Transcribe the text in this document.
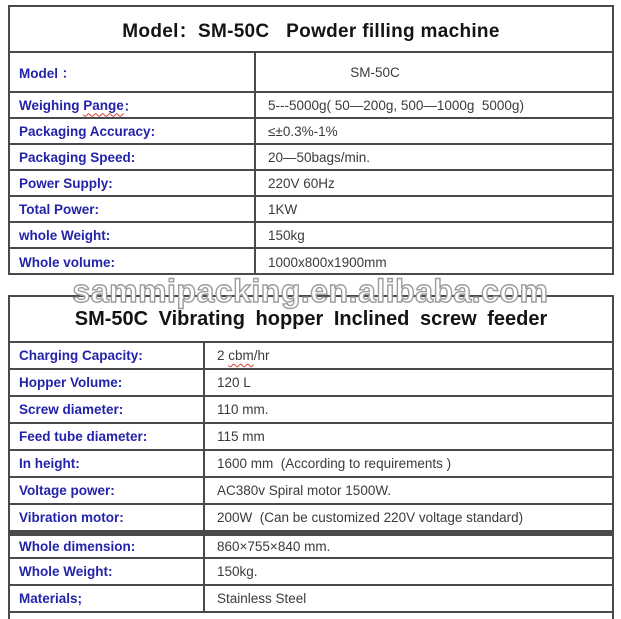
Model：SM-50C   Powder filling machine
Model ：	SM-50C
Weighing Pange ：	5---5000g( 50—200g, 500—1000g  5000g)
Packaging Accuracy:	≤±0.3%-1%
Packaging Speed:	20—50bags/min.
Power Supply:	220V 60Hz
Total Power:	1KW
whole Weight:	150kg
Whole volume:	1000x800x1900mm
sammipacking.en.alibaba.com
SM-50C Vibrating hopper Inclined screw feeder
Charging Capacity:	2 cbm /hr
Hopper Volume:	120 L
Screw diameter:	110 mm.
Feed tube diameter:	115 mm
In height:	1600 mm  (According to requirements )
Voltage power:	AC380v Spiral motor 1500W.
Vibration motor:	200W  (Can be customized 220V voltage standard)
Whole dimension:	860×755×840 mm.
Whole Weight:	150kg.
Materials;	Stainless Steel
